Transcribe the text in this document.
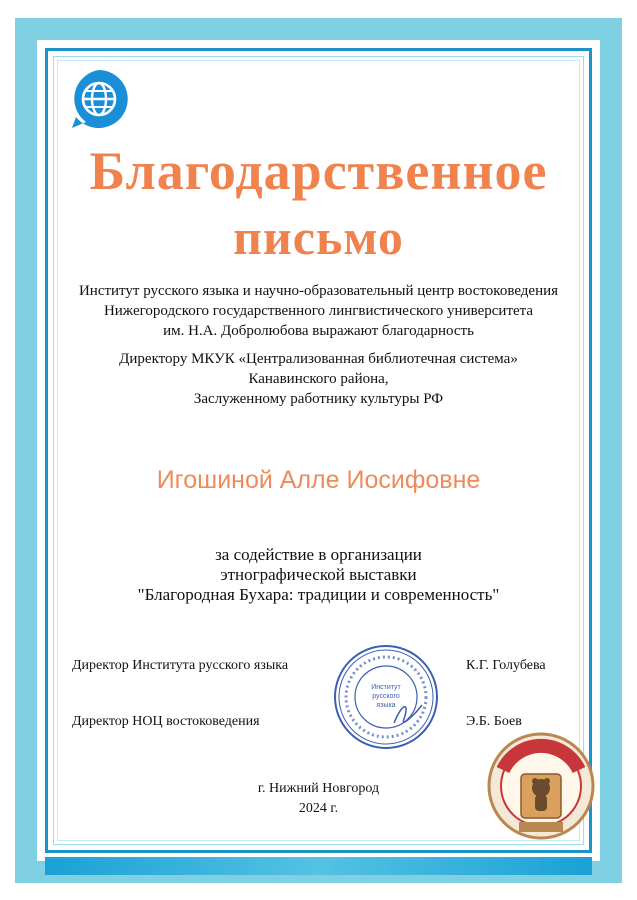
Благодарственное
письмо
Институт русского языка и научно-образовательный центр востоковедения
Нижегородского государственного лингвистического университета
им. Н.А. Добролюбова выражают благодарность
Директору МКУК «Централизованная библиотечная система»
Канавинского района,
Заслуженному работнику культуры РФ
Игошиной Алле Иосифовне
за содействие в организации
этнографической выставки
"Благородная Бухара: традиции и современность"
Директор Института русского языка	К.Г. Голубева
Директор НОЦ востоковедения	Э.Б. Боев
Институт
русского
языка
г. Нижний Новгород
2024 г.
